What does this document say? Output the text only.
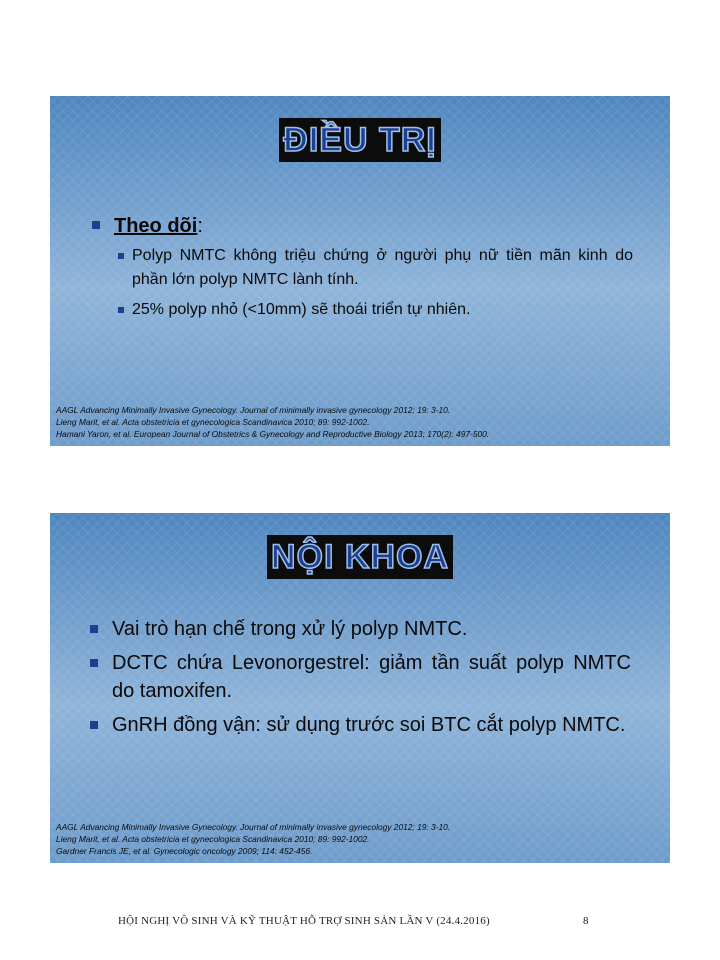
ĐIỀU TRỊ
Theo dõi:
Polyp NMTC không triệu chứng ở người phụ nữ tiền mãn kinh do phần lớn polyp NMTC lành tính.
25% polyp nhỏ (<10mm) sẽ thoái triển tự nhiên.
AAGL Advancing Minimally Invasive Gynecology. Journal of minimally invasive gynecology 2012; 19: 3-10.
Lieng Marit, et al. Acta obstetricia et gynecologica Scandinavica 2010; 89: 992-1002.
Hamani Yaron, et al. European Journal of Obstetrics & Gynecology and Reproductive Biology 2013; 170(2): 497-500.
NỘI KHOA
Vai trò hạn chế trong xử lý polyp NMTC.
DCTC chứa Levonorgestrel: giảm tần suất polyp NMTC do tamoxifen.
GnRH đồng vận: sử dụng trước soi BTC cắt polyp NMTC.
AAGL Advancing Minimally Invasive Gynecology. Journal of minimally invasive gynecology 2012; 19: 3-10.
Lieng Marit, et al. Acta obstetricia et gynecologica Scandinavica 2010; 89: 992-1002.
Gardner Francis JE, et al. Gynecologic oncology 2009; 114: 452-456.
HỘI NGHỊ VÔ SINH VÀ KỸ THUẬT HỖ TRỢ SINH SẢN LẦN V (24.4.2016)	8
